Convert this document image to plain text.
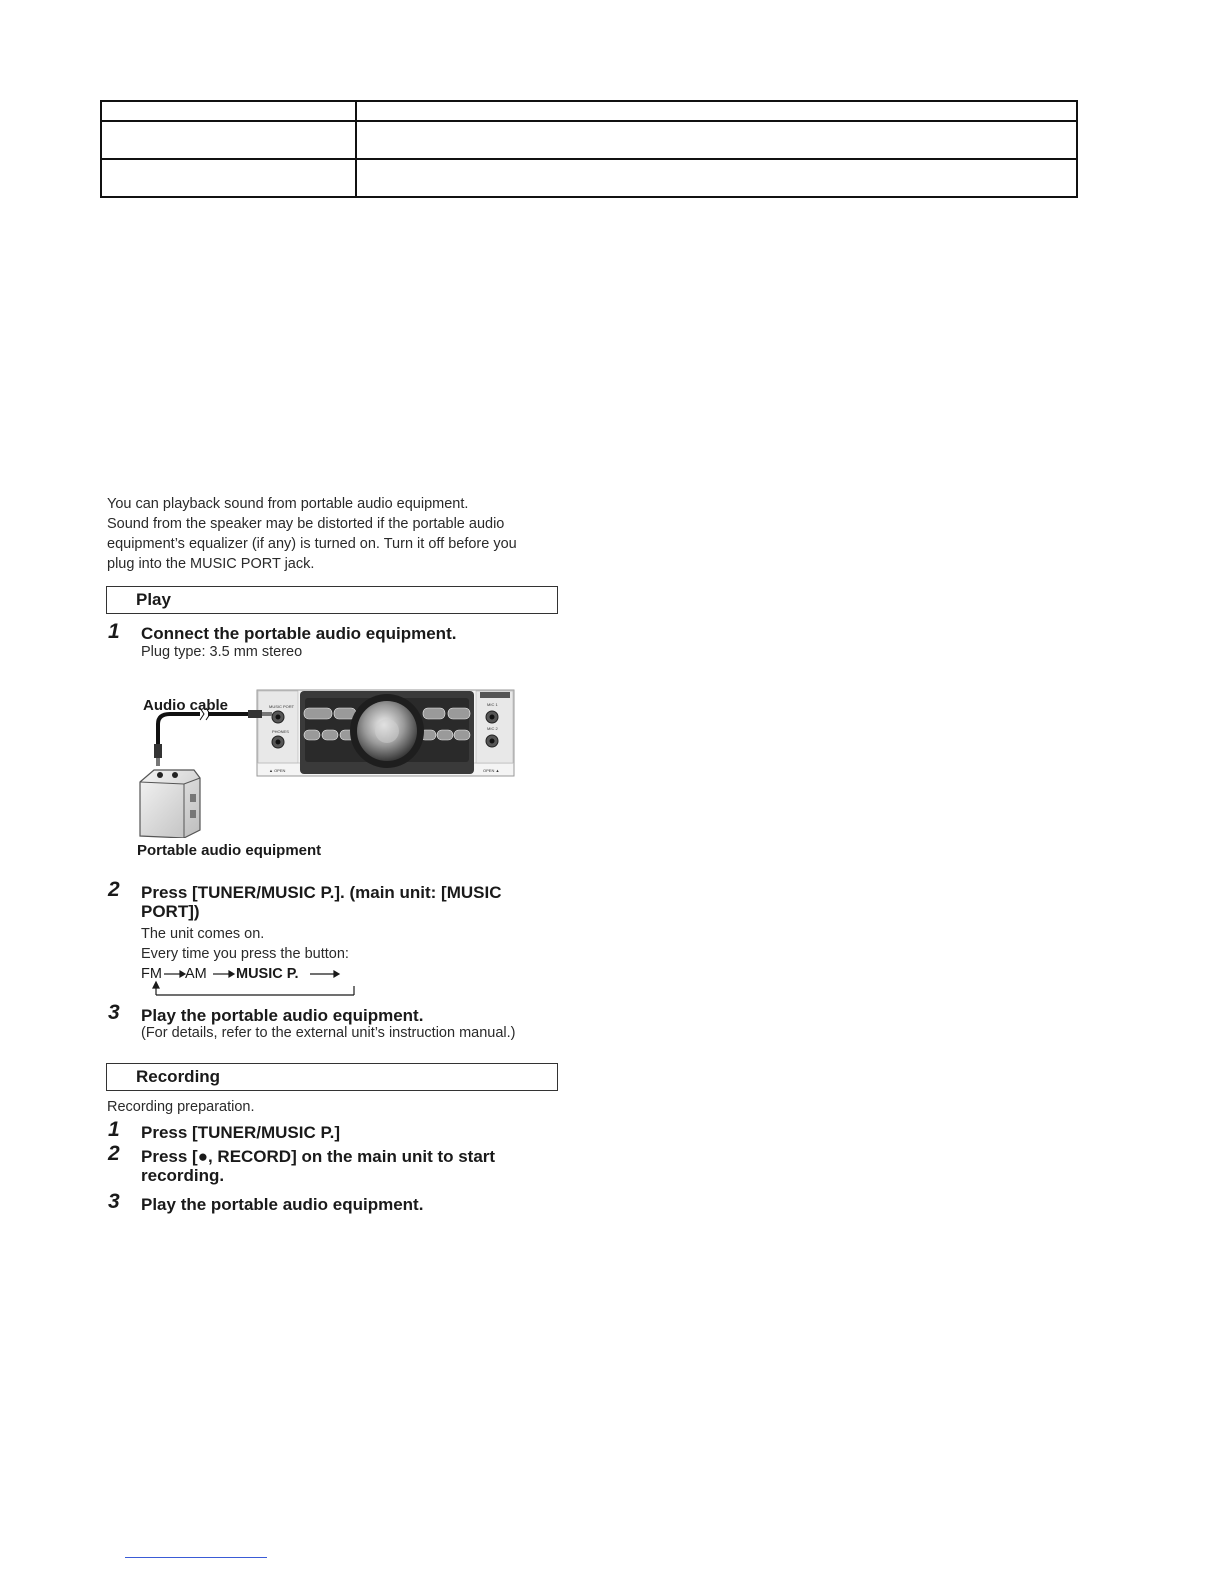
You can playback sound from portable audio equipment.
Sound from the speaker may be distorted if the portable audio
equipment’s equalizer (if any) is turned on. Turn it off before you
plug into the MUSIC PORT jack.
Play
1 Connect the portable audio equipment.
Plug type: 3.5 mm stereo
Audio cable	MUSIC PORT
PHONES
▲ OPEN	OPEN ▲
MIC 1
MIC 2
Portable audio equipment
2 Press [TUNER/MUSIC P.]. (main unit: [MUSIC
PORT])
The unit comes on.
Every time you press the button:
FM AM MUSIC P.
3 Play the portable audio equipment.
(For details, refer to the external unit’s instruction manual.)
Recording
Recording preparation.
1 Press [TUNER/MUSIC P.]
2 Press [●, RECORD] on the main unit to start
recording.
3 Play the portable audio equipment.
